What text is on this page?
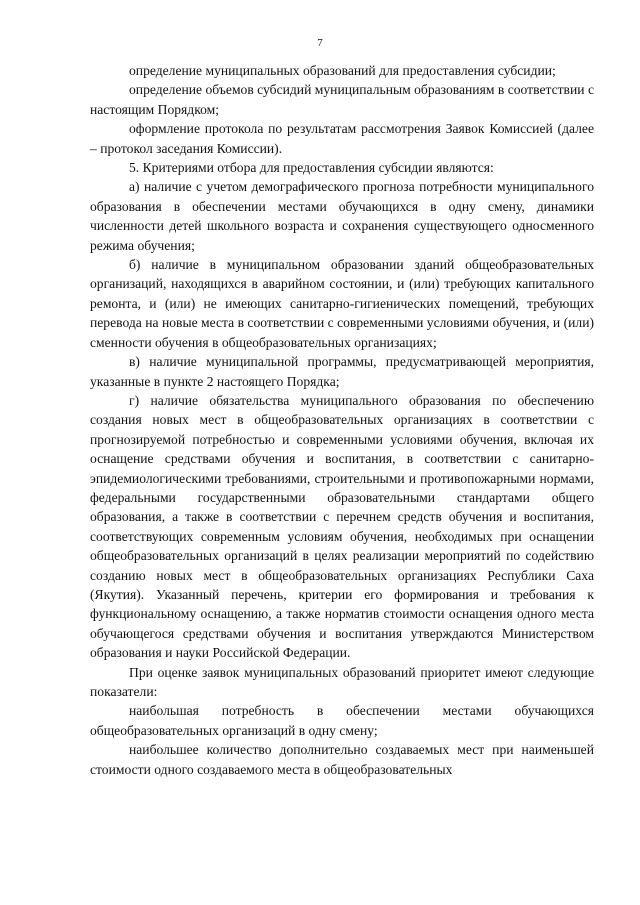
7

определение муниципальных образований для предоставления субсидии;

определение объемов субсидий муниципальным образованиям в соответствии с настоящим Порядком;

оформление протокола по результатам рассмотрения Заявок Комиссией (далее – протокол заседания Комиссии).

5. Критериями отбора для предоставления субсидии являются:

а) наличие с учетом демографического прогноза потребности муниципального образования в обеспечении местами обучающихся в одну смену, динамики численности детей школьного возраста и сохранения существующего односменного режима обучения;

б) наличие в муниципальном образовании зданий общеобразовательных организаций, находящихся в аварийном состоянии, и (или) требующих капитального ремонта, и (или) не имеющих санитарно-гигиенических помещений, требующих перевода на новые места в соответствии с современными условиями обучения, и (или) сменности обучения в общеобразовательных организациях;

в) наличие муниципальной программы, предусматривающей мероприятия, указанные в пункте 2 настоящего Порядка;

г) наличие обязательства муниципального образования по обеспечению создания новых мест в общеобразовательных организациях в соответствии с прогнозируемой потребностью и современными условиями обучения, включая их оснащение средствами обучения и воспитания, в соответствии с санитарно-эпидемиологическими требованиями, строительными и противопожарными нормами, федеральными государственными образовательными стандартами общего образования, а также в соответствии с перечнем средств обучения и воспитания, соответствующих современным условиям обучения, необходимых при оснащении общеобразовательных организаций в целях реализации мероприятий по содействию созданию новых мест в общеобразовательных организациях Республики Саха (Якутия). Указанный перечень, критерии его формирования и требования к функциональному оснащению, а также норматив стоимости оснащения одного места обучающегося средствами обучения и воспитания утверждаются Министерством образования и науки Российской Федерации.

При оценке заявок муниципальных образований приоритет имеют следующие показатели:

наибольшая потребность в обеспечении местами обучающихся общеобразовательных организаций в одну смену;

наибольшее количество дополнительно создаваемых мест при наименьшей стоимости одного создаваемого места в общеобразовательных
